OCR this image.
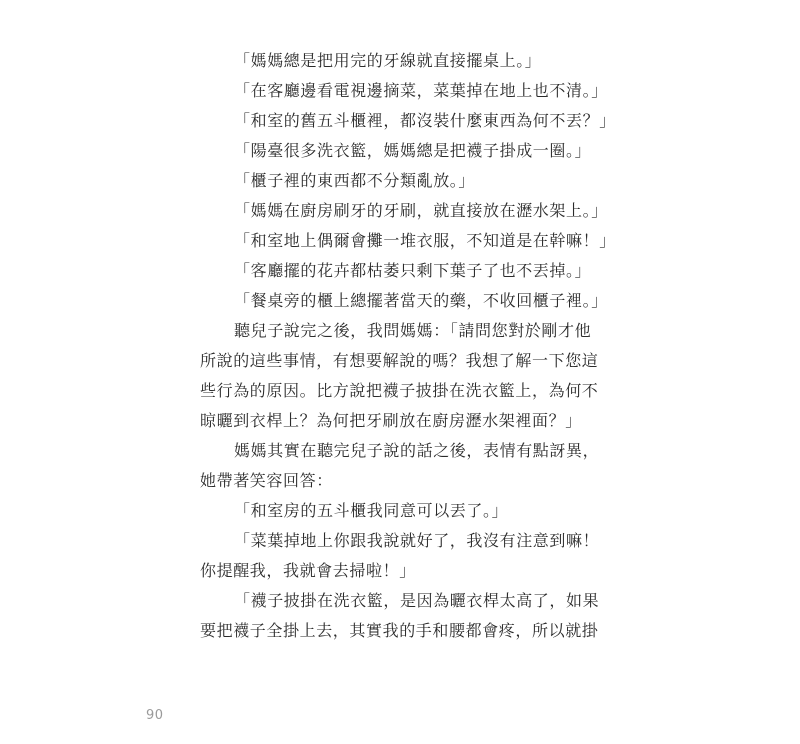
「媽媽總是把用完的牙線就直接擺桌上。」
「在客廳邊看電視邊摘菜，菜葉掉在地上也不清。」
「和室的舊五斗櫃裡，都沒裝什麼東西為何不丟？」
「陽臺很多洗衣籃，媽媽總是把襪子掛成一圈。」
「櫃子裡的東西都不分類亂放。」
「媽媽在廚房刷牙的牙刷，就直接放在瀝水架上。」
「和室地上偶爾會攤一堆衣服，不知道是在幹嘛！」
「客廳擺的花卉都枯萎只剩下葉子了也不丟掉。」
「餐桌旁的櫃上總擺著當天的藥，不收回櫃子裡。」
聽兒子說完之後，我問媽媽：「請問您對於剛才他
所說的這些事情，有想要解說的嗎？我想了解一下您這
些行為的原因。比方說把襪子披掛在洗衣籃上，為何不
晾曬到衣桿上？為何把牙刷放在廚房瀝水架裡面？」
媽媽其實在聽完兒子說的話之後，表情有點訝異，
她帶著笑容回答：
「和室房的五斗櫃我同意可以丟了。」
「菜葉掉地上你跟我說就好了，我沒有注意到嘛！
你提醒我，我就會去掃啦！」
「襪子披掛在洗衣籃，是因為曬衣桿太高了，如果
要把襪子全掛上去，其實我的手和腰都會疼，所以就掛
90
